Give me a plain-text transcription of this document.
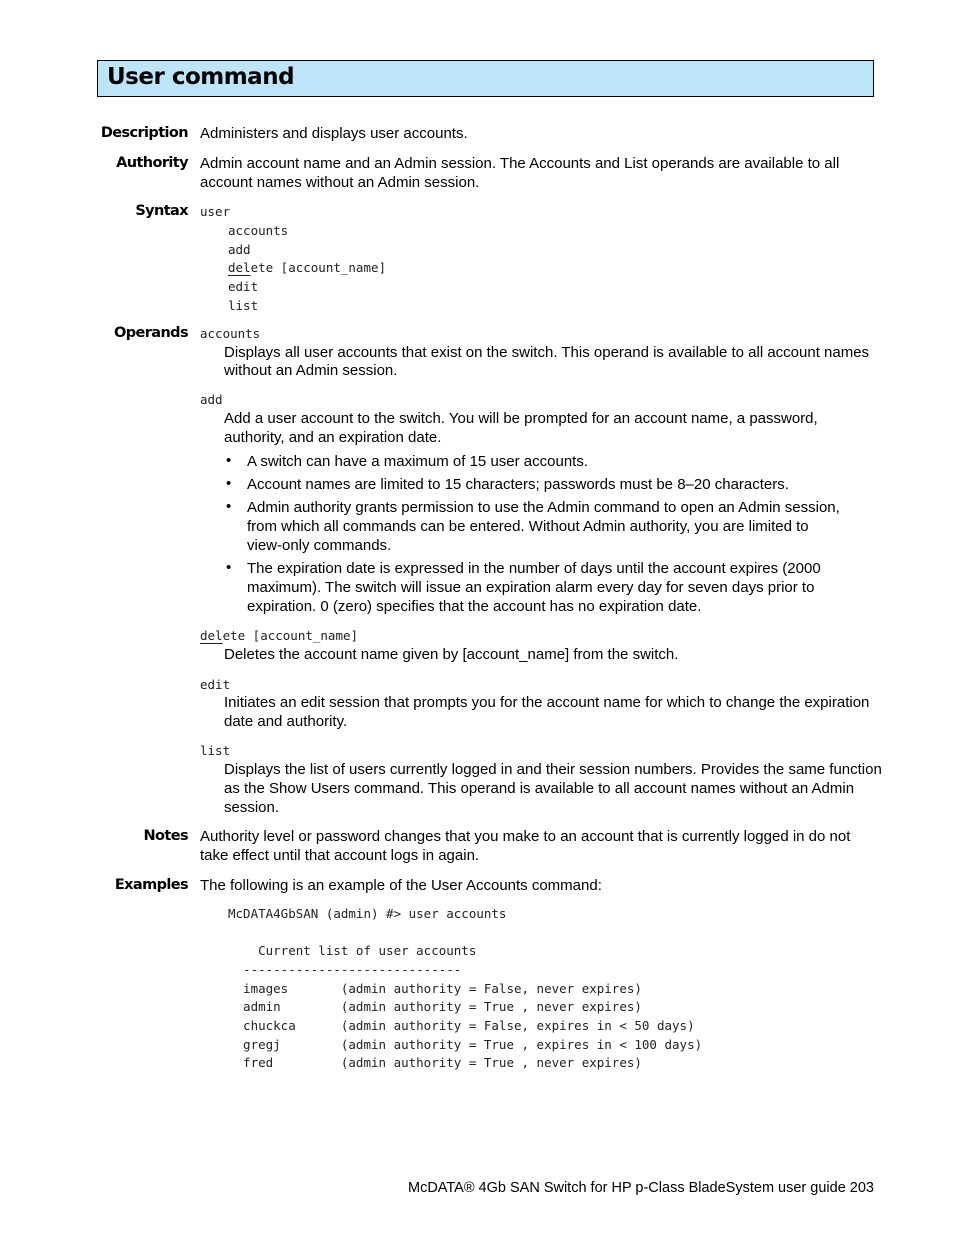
User command
Description Administers and displays user accounts.
Authority Admin account name and an Admin session. The Accounts and List operands are available to all
account names without an Admin session.
Syntax user
accounts
add
delete [account_name]
edit
list
Operands accounts
Displays all user accounts that exist on the switch. This operand is available to all account names
without an Admin session.
add
Add a user account to the switch. You will be prompted for an account name, a password,
authority, and an expiration date.
• A switch can have a maximum of 15 user accounts.
• Account names are limited to 15 characters; passwords must be 8–20 characters.
• Admin authority grants permission to use the Admin command to open an Admin session,
from which all commands can be entered. Without Admin authority, you are limited to
view-only commands.
• The expiration date is expressed in the number of days until the account expires (2000
maximum). The switch will issue an expiration alarm every day for seven days prior to
expiration. 0 (zero) specifies that the account has no expiration date.
delete [account_name]
Deletes the account name given by [account_name] from the switch.
edit
Initiates an edit session that prompts you for the account name for which to change the expiration
date and authority.
list
Displays the list of users currently logged in and their session numbers. Provides the same function
as the Show Users command. This operand is available to all account names without an Admin
session.
Notes Authority level or password changes that you make to an account that is currently logged in do not
take effect until that account logs in again.
Examples The following is an example of the User Accounts command:
McDATA4GbSAN (admin) #> user accounts
Current list of user accounts
-----------------------------
images       (admin authority = False, never expires)
admin        (admin authority = True , never expires)
chuckca      (admin authority = False, expires in < 50 days)
gregj        (admin authority = True , expires in < 100 days)
fred         (admin authority = True , never expires)
McDATA® 4Gb SAN Switch for HP p-Class BladeSystem user guide 203
